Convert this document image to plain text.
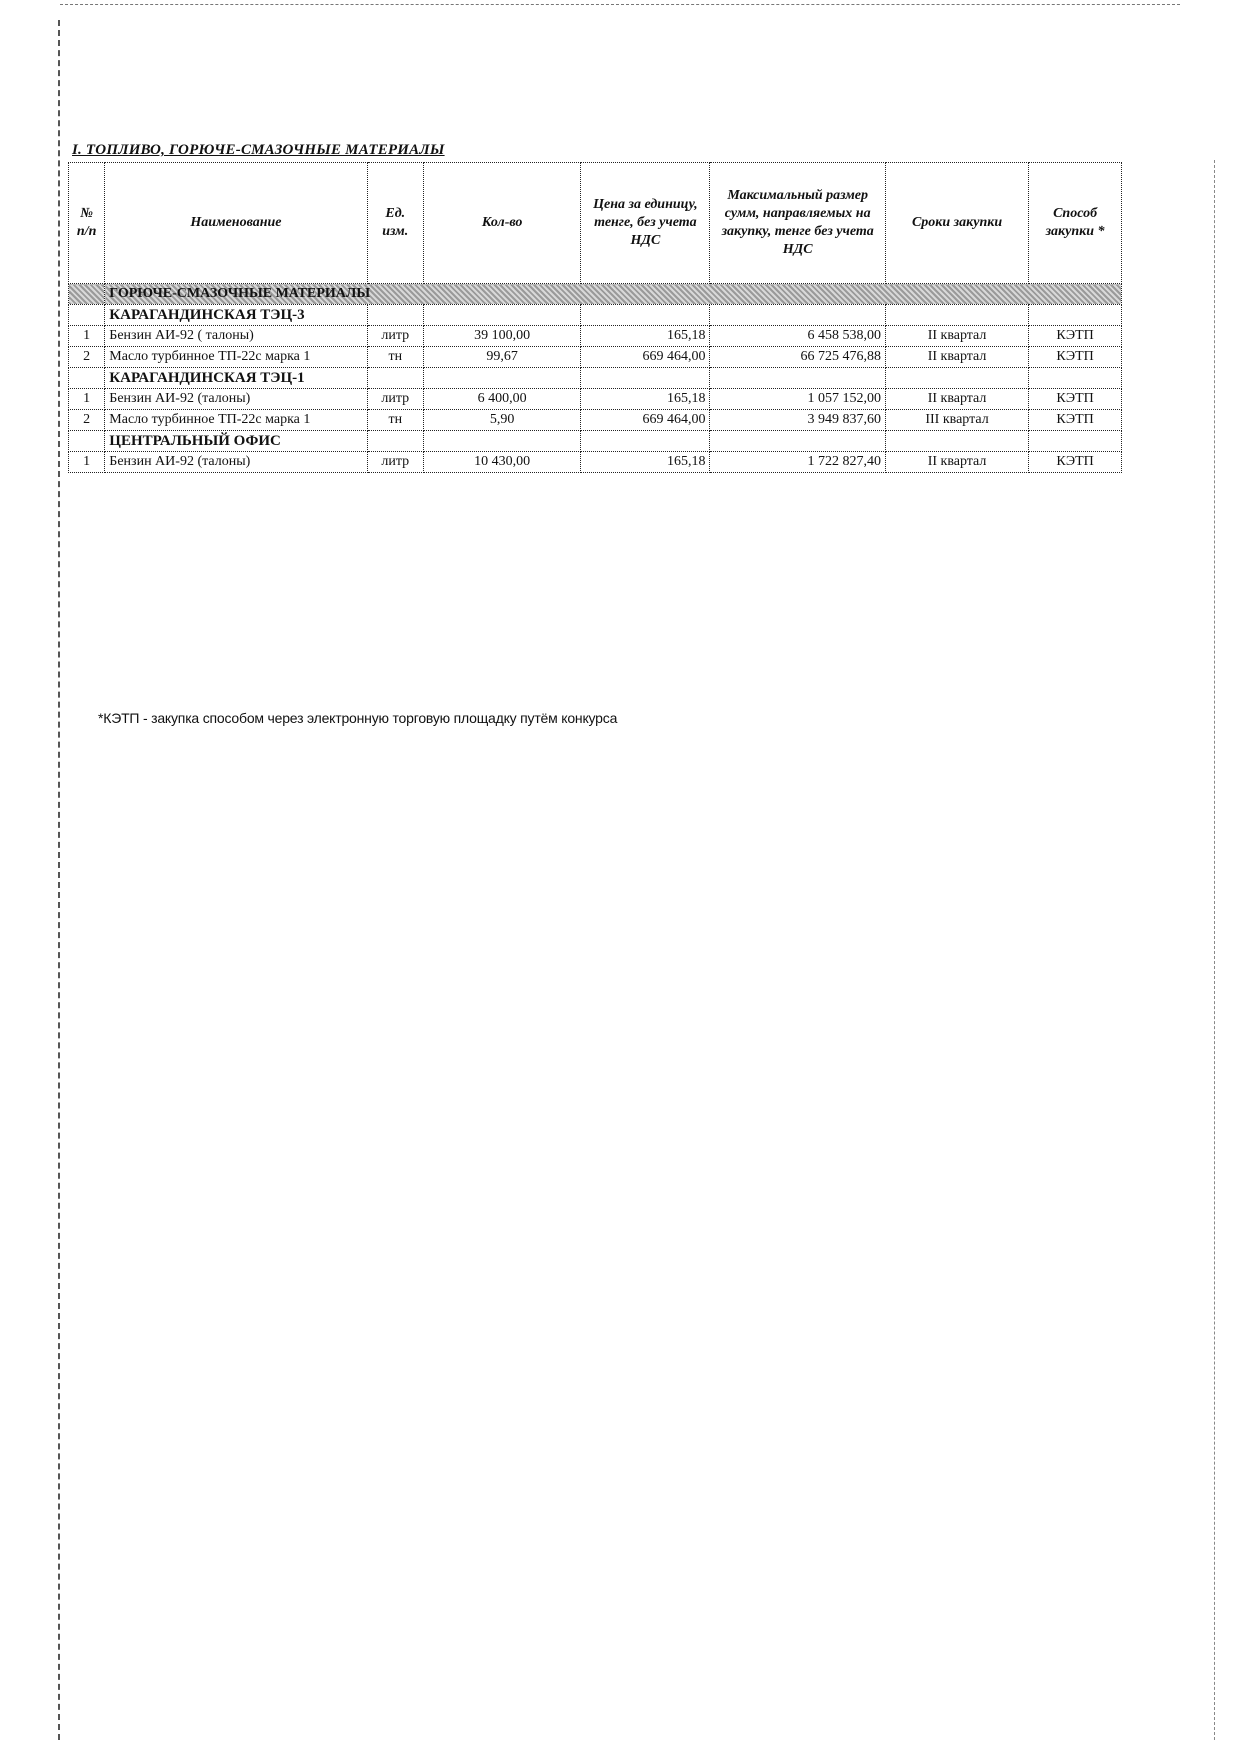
I. ТОПЛИВО, ГОРЮЧЕ-СМАЗОЧНЫЕ МАТЕРИАЛЫ
№ п/п	Наименование	Ед. изм.	Кол-во	Цена за единицу, тенге, без учета НДС	Максимальный размер сумм, направляемых на закупку, тенге без учета НДС	Сроки закупки	Способ закупки *
	ГОРЮЧЕ-СМАЗОЧНЫЕ МАТЕРИАЛЫ						
	КАРАГАНДИНСКАЯ ТЭЦ-3						
1	Бензин АИ-92 ( талоны)	литр	39 100,00	165,18	6 458 538,00	II квартал	КЭТП
2	Масло турбинное ТП-22с марка 1	тн	99,67	669 464,00	66 725 476,88	II квартал	КЭТП
	КАРАГАНДИНСКАЯ ТЭЦ-1						
1	Бензин АИ-92 (талоны)	литр	6 400,00	165,18	1 057 152,00	II квартал	КЭТП
2	Масло турбинное ТП-22с марка 1	тн	5,90	669 464,00	3 949 837,60	III квартал	КЭТП
	ЦЕНТРАЛЬНЫЙ ОФИС						
1	Бензин АИ-92 (талоны)	литр	10 430,00	165,18	1 722 827,40	II квартал	КЭТП
*КЭТП - закупка способом через электронную торговую площадку путём конкурса
